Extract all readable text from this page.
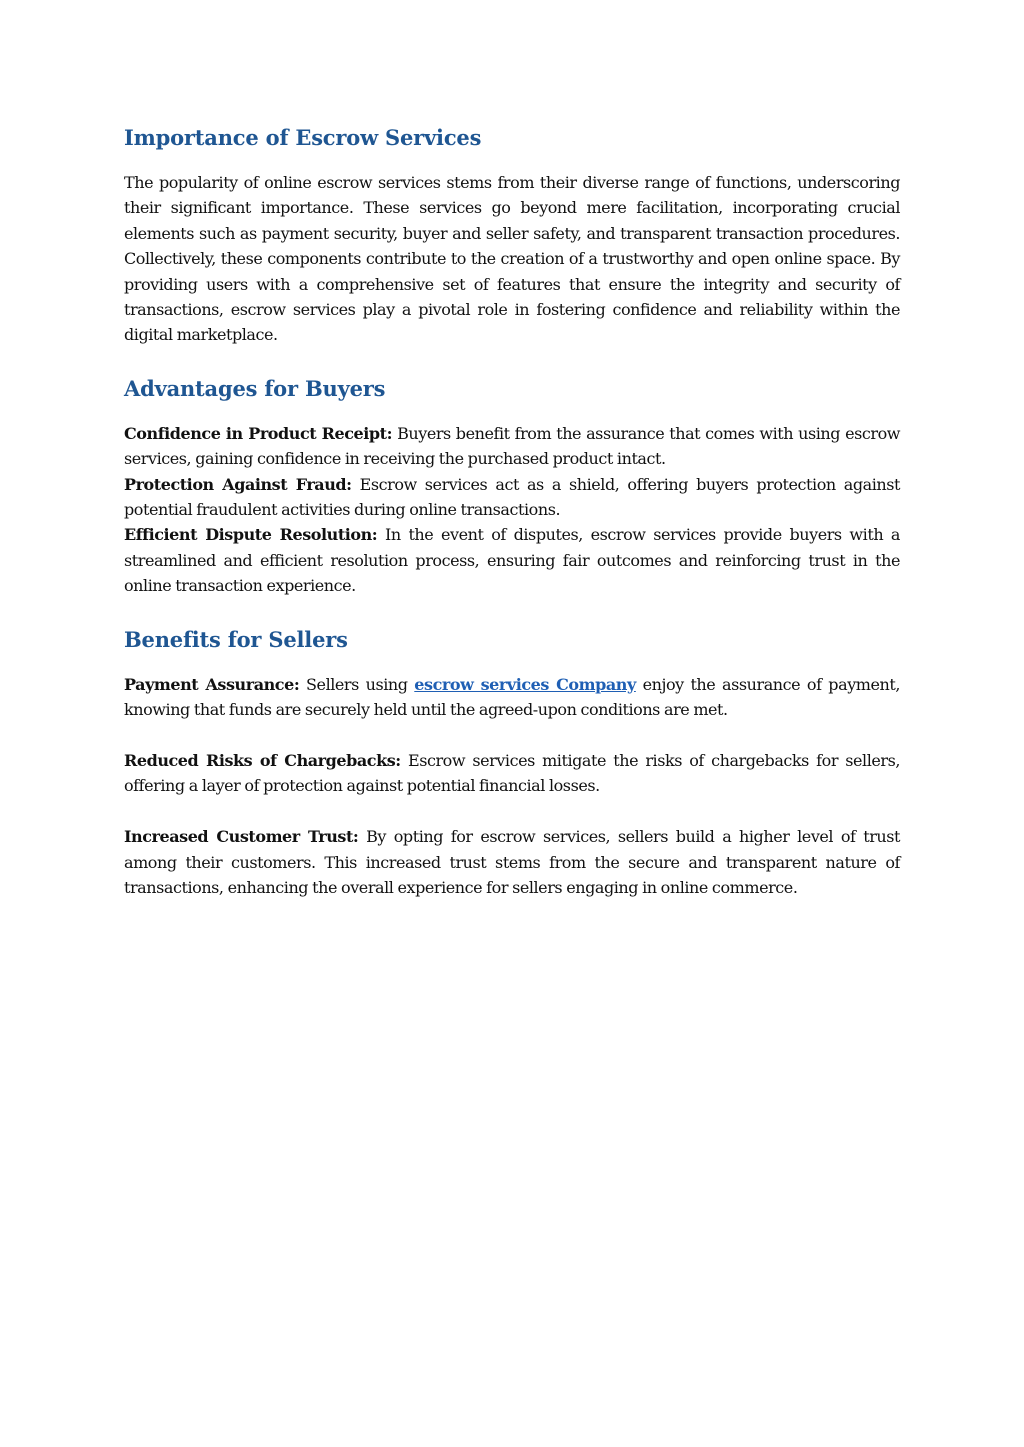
Importance of Escrow Services

The popularity of online escrow services stems from their diverse range of functions, underscoring their significant importance. These services go beyond mere facilitation, incorporating crucial elements such as payment security, buyer and seller safety, and transparent transaction procedures. Collectively, these components contribute to the creation of a trustworthy and open online space. By providing users with a comprehensive set of features that ensure the integrity and security of transactions, escrow services play a pivotal role in fostering confidence and reliability within the digital marketplace.

Advantages for Buyers

Confidence in Product Receipt: Buyers benefit from the assurance that comes with using escrow services, gaining confidence in receiving the purchased product intact.

Protection Against Fraud: Escrow services act as a shield, offering buyers protection against potential fraudulent activities during online transactions.

Efficient Dispute Resolution: In the event of disputes, escrow services provide buyers with a streamlined and efficient resolution process, ensuring fair outcomes and reinforcing trust in the online transaction experience.

Benefits for Sellers

Payment Assurance: Sellers using escrow services Company enjoy the assurance of payment, knowing that funds are securely held until the agreed-upon conditions are met.

Reduced Risks of Chargebacks: Escrow services mitigate the risks of chargebacks for sellers, offering a layer of protection against potential financial losses.

Increased Customer Trust: By opting for escrow services, sellers build a higher level of trust among their customers. This increased trust stems from the secure and transparent nature of transactions, enhancing the overall experience for sellers engaging in online commerce.
